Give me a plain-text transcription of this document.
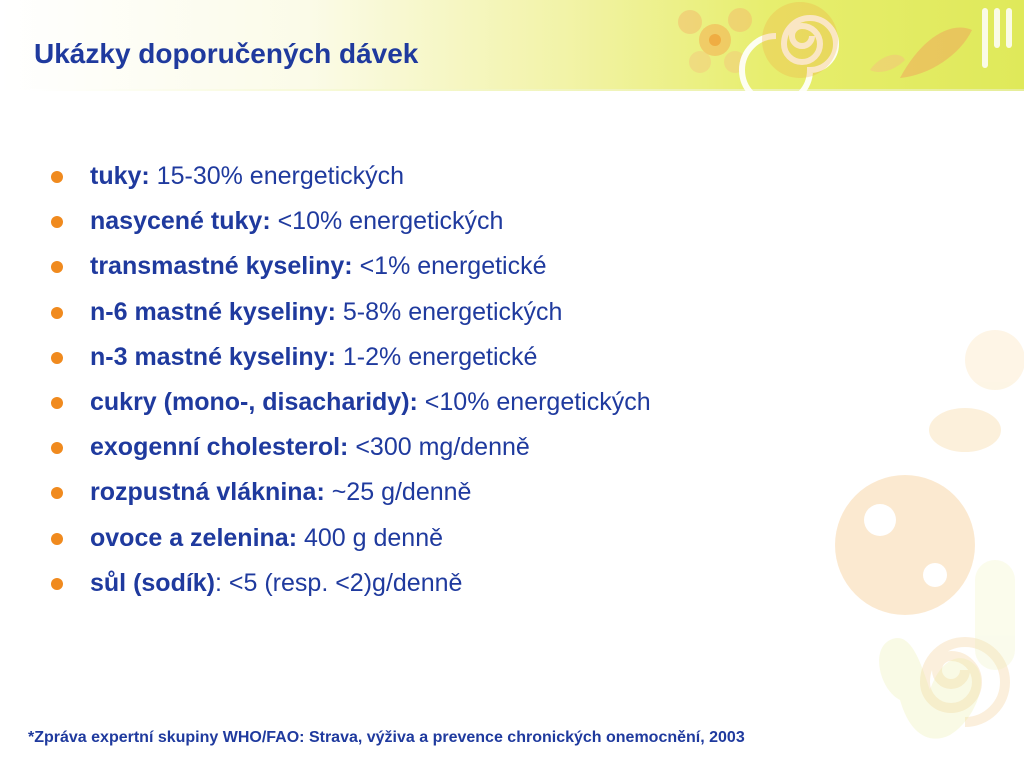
Ukázky doporučených dávek
tuky: 15-30% energetických
nasycené tuky: <10% energetických
transmastné kyseliny: <1% energetické
n-6 mastné kyseliny: 5-8% energetických
n-3 mastné kyseliny: 1-2% energetické
cukry (mono-, disacharidy): <10% energetických
exogenní cholesterol: <300 mg/denně
rozpustná vláknina: ~25 g/denně
ovoce a zelenina: 400 g denně
sůl (sodík): <5 (resp. <2)g/denně
*Zpráva expertní skupiny WHO/FAO: Strava, výživa a prevence chronických onemocnění, 2003
